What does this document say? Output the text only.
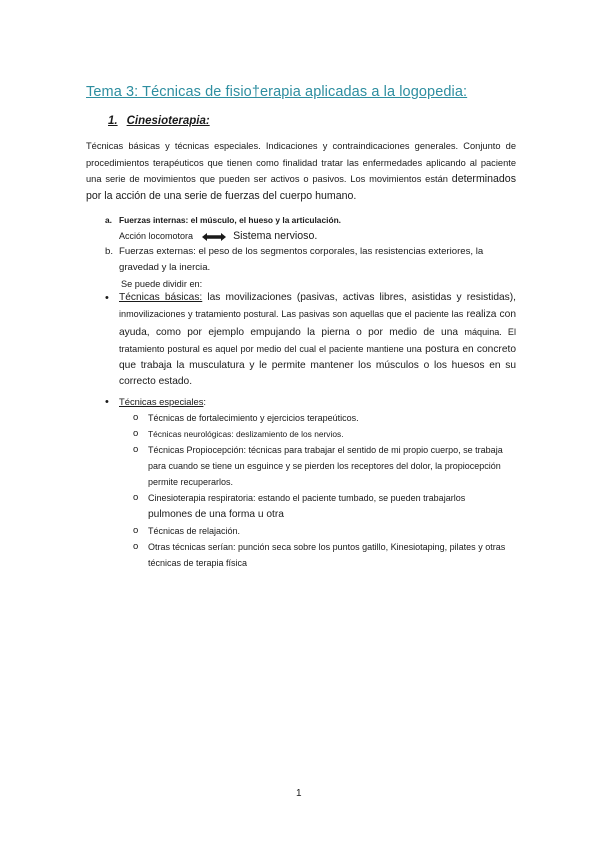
Tema 3: Técnicas de fisio†erapia aplicadas a la logopedia:
1. Cinesioterapia:
Técnicas básicas y técnicas especiales. Indicaciones y contraindicaciones generales. Conjunto de procedimientos terapéuticos que tienen como finalidad tratar las enfermedades aplicando al paciente una serie de movimientos que pueden ser activos o pasivos. Los movimientos están determinados por la acción de una serie de fuerzas del cuerpo humano.
a. Fuerzas internas: el músculo, el hueso y la articulación.
Acción locomotora	Sistema nervioso.
b. Fuerzas externas: el peso de los segmentos corporales, las resistencias exteriores, la
gravedad y la inercia.
Se puede dividir en:
• Técnicas básicas: las movilizaciones (pasivas, activas libres, asistidas y resistidas), inmovilizaciones y tratamiento postural. Las pasivas son aquellas que el paciente las realiza con ayuda, como por ejemplo empujando la pierna o por medio de una máquina. El tratamiento postural es aquel por medio del cual el paciente mantiene una postura en concreto que trabaja la musculatura y le permite mantener los músculos o los huesos en su correcto estado.
• Técnicas especiales:
o Técnicas de fortalecimiento y ejercicios terapeúticos.
o Técnicas neurológicas: deslizamiento de los nervios.
o Técnicas Propiocepción: técnicas para trabajar el sentido de mi propio cuerpo, se trabaja para cuando se tiene un esguince y se pierden los receptores del dolor, la propiocepción permite recuperarlos.
o Cinesioterapia respiratoria: estando el paciente tumbado, se pueden trabajarlos
pulmones de una forma u otra
o Técnicas de relajación.
o Otras técnicas serían: punción seca sobre los puntos gatillo, Kinesiotaping, pilates y otras técnicas de terapia física
1
